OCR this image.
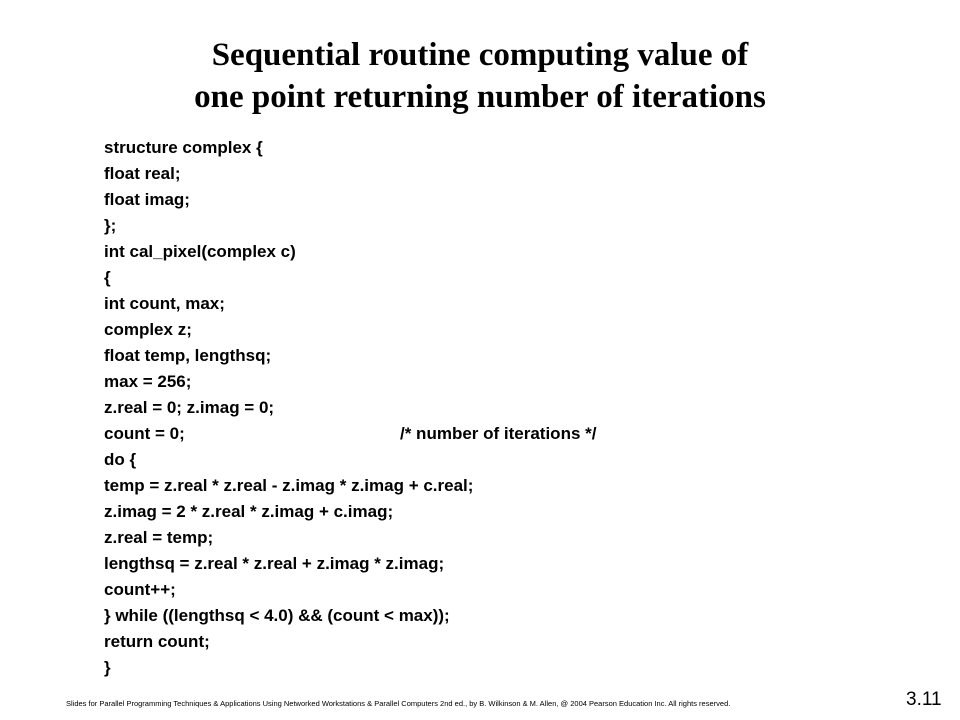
Sequential routine computing value of
one point returning number of iterations
structure complex {
float real;
float imag;
};
int cal_pixel(complex c)
{
int count, max;
complex z;
float temp, lengthsq;
max = 256;
z.real = 0; z.imag = 0;
count = 0;	/* number of iterations */
do {
temp = z.real * z.real - z.imag * z.imag + c.real;
z.imag = 2 * z.real * z.imag + c.imag;
z.real = temp;
lengthsq = z.real * z.real + z.imag * z.imag;
count++;
} while ((lengthsq < 4.0) && (count < max));
return count;
}
Slides for Parallel Programming Techniques & Applications Using Networked Workstations & Parallel Computers 2nd ed., by B. Wilkinson & M. Allen, @ 2004 Pearson Education Inc. All rights reserved.	3.11
